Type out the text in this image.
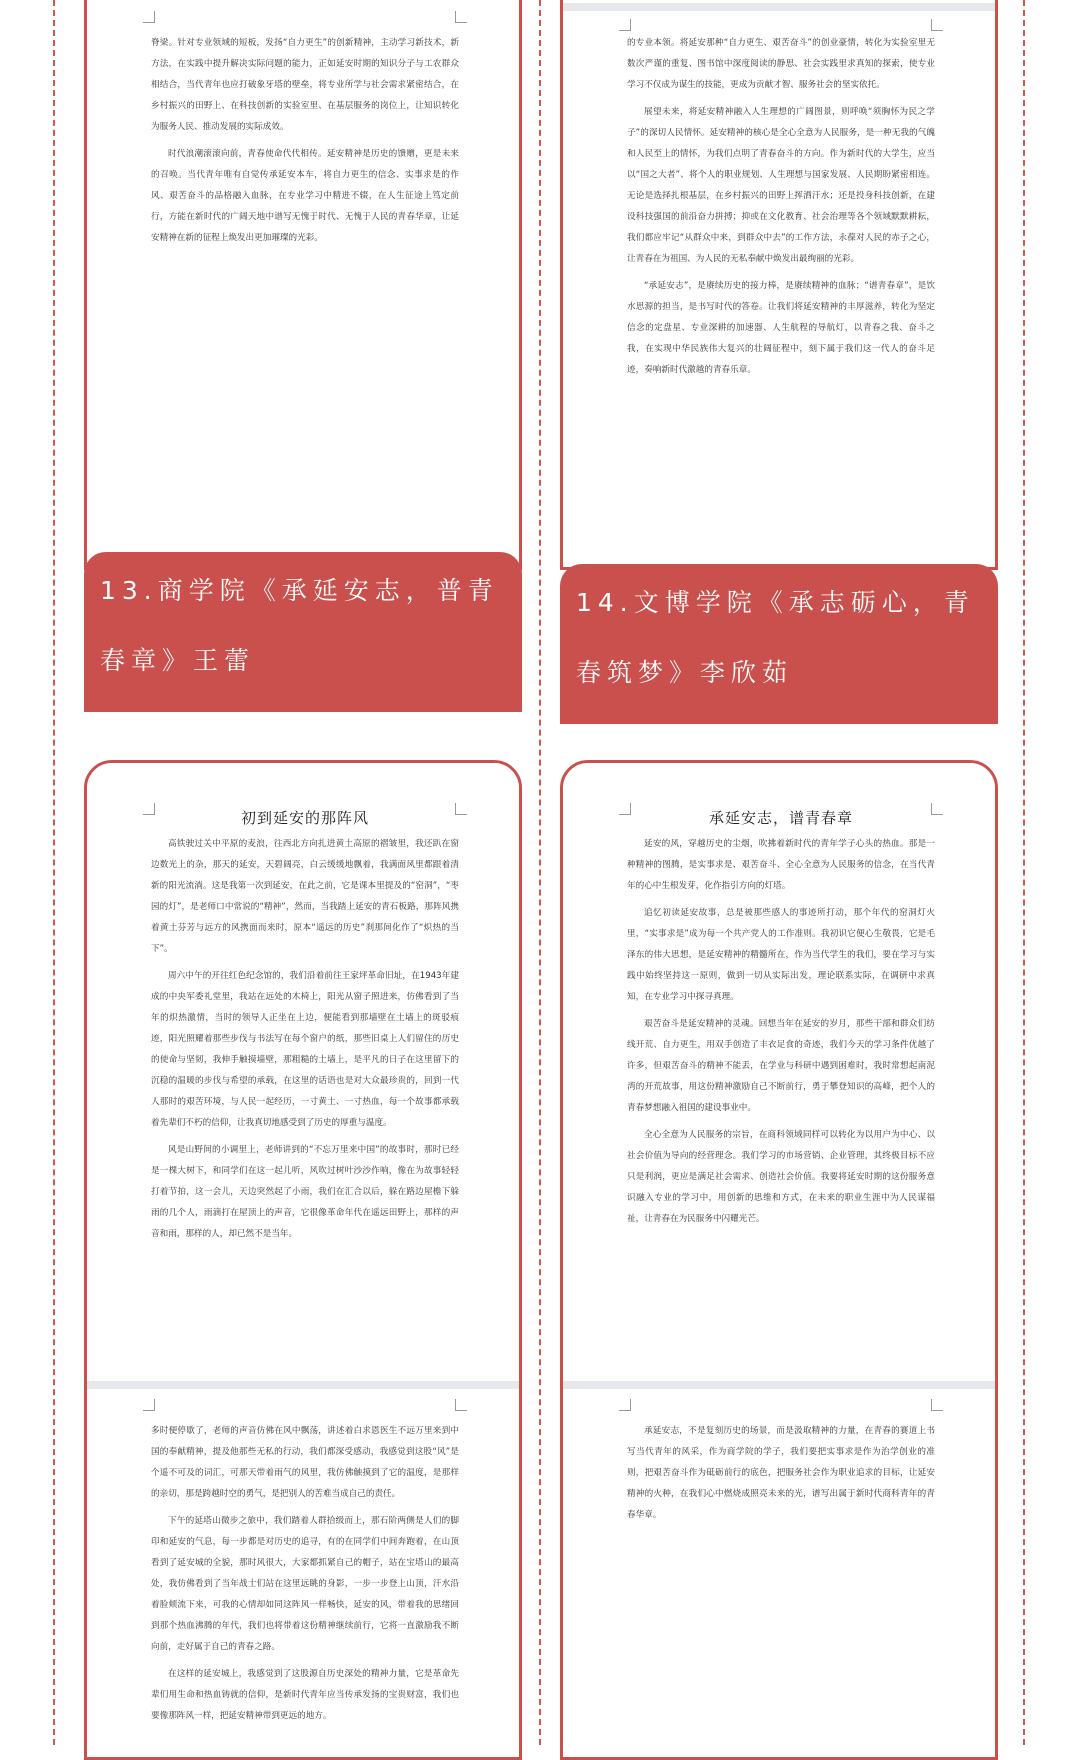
脊梁。针对专业领域的短板，发扬“自力更生”的创新精神，主动学习新技术，新方法，在实践中提升解决实际问题的能力，正如延安时期的知识分子与工农群众相结合，当代青年也应打破象牙塔的壁垒，将专业所学与社会需求紧密结合，在乡村振兴的田野上、在科技创新的实验室里、在基层服务的岗位上，让知识转化为服务人民、推动发展的实际成效。

时代浪潮滚滚向前，青春使命代代相传。延安精神是历史的馈赠，更是未来的召唤。当代青年唯有自觉传承延安本车，将自力更生的信念、实事求是的作风、艰苦奋斗的品格融入血脉，在专业学习中精进不辍，在人生征途上笃定前行，方能在新时代的广阔天地中谱写无愧于时代、无愧于人民的青春华章，让延安精神在新的征程上焕发出更加璀璨的光彩。

13.商学院《承延安志，普青春章》王蕾

的专业本领。将延安那种“自力更生、艰苦奋斗”的创业豪情，转化为实验室里无数次严谨的重复、图书馆中深度阅读的静思、社会实践里求真知的探索，使专业学习不仅成为谋生的技能，更成为贡献才智、服务社会的坚实依托。

展望未来，将延安精神融入人生理想的广阔图景，则呼唤“须胸怀为民之学子”的深切人民情怀。延安精神的核心是全心全意为人民服务，是一种无我的气魄和人民至上的情怀，为我们点明了青春奋斗的方向。作为新时代的大学生，应当以“国之大者”、将个人的职业规划、人生理想与国家发展、人民期盼紧密相连。无论是选择扎根基层，在乡村振兴的田野上挥洒汗水；还是投身科技创新，在建设科技强国的前沿奋力拼搏；抑或在文化教育、社会治理等各个领域默默耕耘，我们都应牢记“从群众中来，到群众中去”的工作方法，永葆对人民的赤子之心，让青春在为祖国、为人民的无私奉献中焕发出最绚丽的光彩。

“承延安志”，是赓续历史的接力棒，是赓续精神的血脉；“谱青春章”，是饮水思源的担当，是书写时代的答卷。让我们将延安精神的丰厚滋养，转化为坚定信念的定盘星、专业深耕的加速器、人生航程的导航灯，以青春之我、奋斗之我，在实现中华民族伟大复兴的壮阔征程中，刻下属于我们这一代人的奋斗足迹，奏响新时代激越的青春乐章。

14.文博学院《承志砺心，青春筑梦》李欣茹
初到延安的那阵风

高铁驶过关中平原的麦浪，往西北方向扎进黄土高原的褶皱里，我还趴在窗边数光上的杂，那天的延安，天碧阔亮，白云缓缓地飘着，我满面风里都跟着清新的阳光流淌。这是我第一次到延安，在此之前，它是课本里提及的“窑洞”，“枣园的灯”，是老师口中常说的“精神”，然而，当我踏上延安的青石板路，那阵风携着黄土芬芳与远方的风携面而来时，原本“遥远的历史”刹那间化作了“炽热的当下”。

周六中午的开往红色纪念馆的，我们沿着前往王家坪革命旧址，在1943年建成的中央军委礼堂里，我站在远处的木椅上，阳光从窗子照进来，仿佛看到了当年的炽热激情，当时的领导人正坐在上边，便能看到那墙壁在土墙上的斑驳痕迹，阳光照耀着那些步伐与书法写在每个窗户的纸，那些旧桌上人们留住的历史的使命与坚韧，我伸手触摸墙壁，那粗糙的土墙上，是平凡的日子在这里留下的沉稳的温暖的步伐与希望的承载，在这里的话语也是对大众最珍贵的，回到一代人那时的艰苦环境，与人民一起经历，一寸黄土、一寸热血，每一个故事都承载着先辈们不朽的信仰，让我真切地感受到了历史的厚重与温度。

风是山野间的小调里上，老师讲到的“不忘万里来中国”的故事时，那时已经是一棵大树下，和同学们在这一起儿听，风吹过树叶沙沙作响，像在为故事轻轻打着节拍，这一会儿，天边突然起了小雨，我们在汇合以后，躲在路边屋檐下躲雨的几个人，雨滴打在屋顶上的声音，它很像革命年代在遥远田野上，那样的声音和雨，那样的人，却已然不是当年。

多时便停歇了，老师的声音仿佛在风中飘荡，讲述着白求恩医生不远万里来到中国的奉献精神，提及他那些无私的行动，我们都深受感动，我感觉到这股“风”是个遥不可及的词汇，可那天带着雨气的风里，我仿佛触摸到了它的温度，是那样的亲切，那是跨越时空的勇气，是把别人的苦难当成自己的责任。

下午的延塔山微步之旅中，我们踏着人群拾级而上，那石阶两侧是人们的脚印和延安的气息，每一步都是对历史的追寻，有的在同学们中间奔跑着，在山顶看到了延安城的全貌，那时风很大，大家都抓紧自己的帽子，站在宝塔山的最高处，我仿佛看到了当年战士们站在这里远眺的身影，一步一步登上山顶，汗水沿着脸颊流下来，可我的心情却如同这阵风一样畅快，延安的风，带着我的思绪回到那个热血沸腾的年代，我们也将带着这份精神继续前行，它将一直激励我不断向前，走好属于自己的青春之路。

在这样的延安城上，我感觉到了这股源自历史深处的精神力量，它是革命先辈们用生命和热血铸就的信仰，是新时代青年应当传承发扬的宝贵财富，我们也要像那阵风一样，把延安精神带到更远的地方。

承延安志，谱青春章

延安的风，穿越历史的尘烟，吹拂着新时代的青年学子心头的热血。那是一种精神的图腾，是实事求是、艰苦奋斗、全心全意为人民服务的信念，在当代青年的心中生根发芽，化作指引方向的灯塔。

追忆初读延安故事，总是被那些感人的事迹所打动，那个年代的窑洞灯火里，“实事求是”成为每一个共产党人的工作准则。我初识它便心生敬畏，它是毛泽东的伟大思想，是延安精神的精髓所在，作为当代学生的我们，要在学习与实践中始终坚持这一原则，做到一切从实际出发，理论联系实际，在调研中求真知，在专业学习中探寻真理。

艰苦奋斗是延安精神的灵魂。回想当年在延安的岁月，那些干部和群众们纺线开荒、自力更生，用双手创造了丰衣足食的奇迹，我们今天的学习条件优越了许多，但艰苦奋斗的精神不能丢，在学业与科研中遇到困难时，我时常想起南泥湾的开荒故事，用这份精神激励自己不断前行，勇于攀登知识的高峰，把个人的青春梦想融入祖国的建设事业中。

全心全意为人民服务的宗旨，在商科领域同样可以转化为以用户为中心、以社会价值为导向的经营理念。我们学习的市场营销、企业管理，其终极目标不应只是利润，更应是满足社会需求、创造社会价值。我要将延安时期的这份服务意识融入专业的学习中，用创新的思维和方式，在未来的职业生涯中为人民谋福祉，让青春在为民服务中闪耀光芒。

承延安志，不是复刻历史的场景，而是汲取精神的力量，在青春的赛道上书写当代青年的风采，作为商学院的学子，我们要把实事求是作为治学创业的准则，把艰苦奋斗作为砥砺前行的底色，把服务社会作为职业追求的目标，让延安精神的火种，在我们心中燃烧成照亮未来的光，谱写出属于新时代商科青年的青春华章。
